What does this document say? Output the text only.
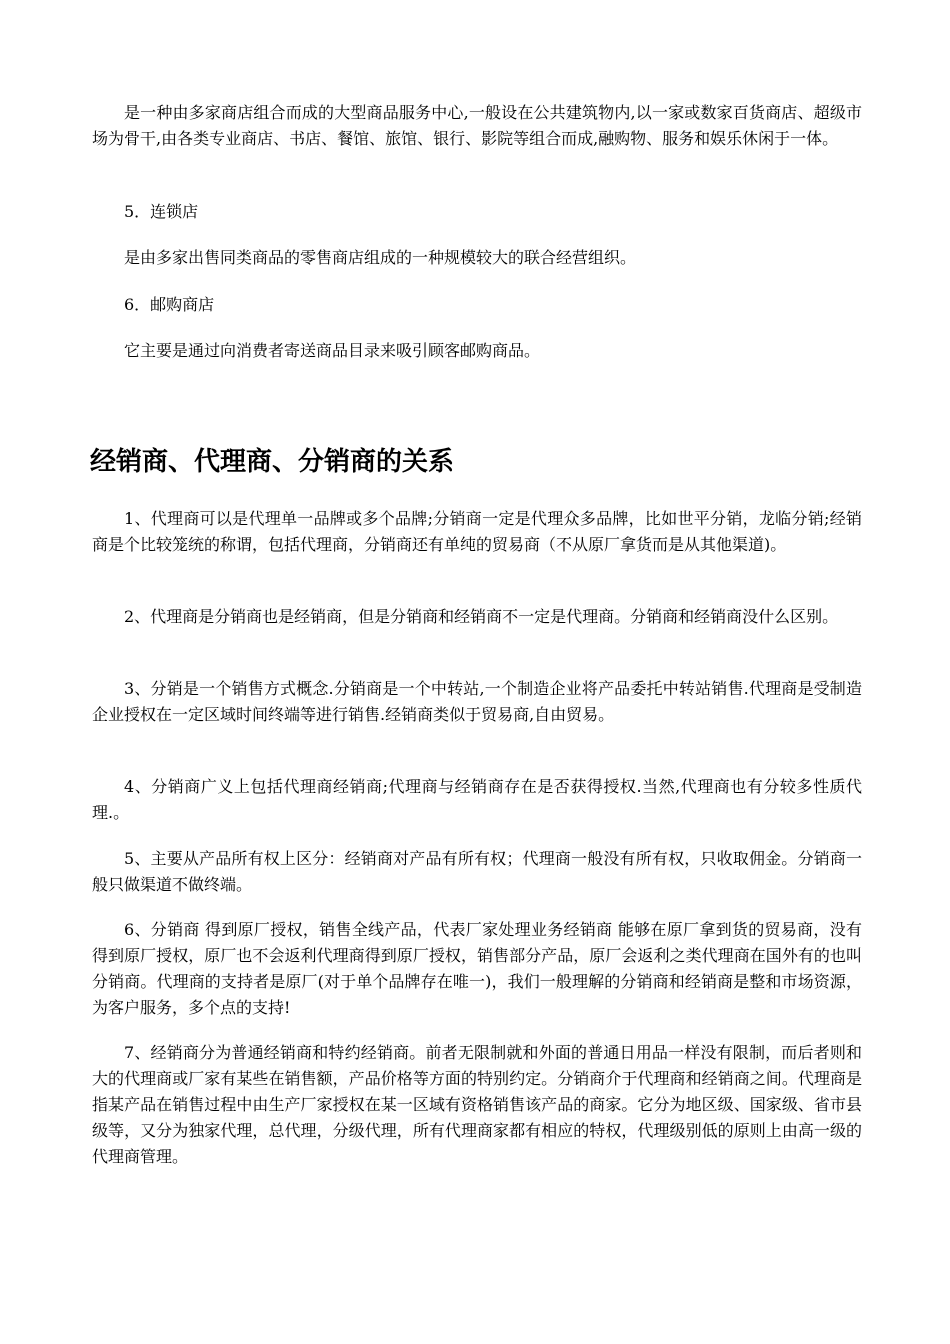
是一种由多家商店组合而成的大型商品服务中心,一般设在公共建筑物内,以一家或数家百货商店、超级市场为骨干,由各类专业商店、书店、餐馆、旅馆、银行、影院等组合而成,融购物、服务和娱乐休闲于一体。

5．连锁店

是由多家出售同类商品的零售商店组成的一种规模较大的联合经营组织。

6．邮购商店

它主要是通过向消费者寄送商品目录来吸引顾客邮购商品。

经销商、代理商、分销商的关系

1、代理商可以是代理单一品牌或多个品牌;分销商一定是代理众多品牌，比如世平分销，龙临分销;经销商是个比较笼统的称谓，包括代理商，分销商还有单纯的贸易商（不从原厂拿货而是从其他渠道)。

2、代理商是分销商也是经销商，但是分销商和经销商不一定是代理商。分销商和经销商没什么区别。

3、分销是一个销售方式概念.分销商是一个中转站,一个制造企业将产品委托中转站销售.代理商是受制造企业授权在一定区域时间终端等进行销售.经销商类似于贸易商,自由贸易。

4、分销商广义上包括代理商经销商;代理商与经销商存在是否获得授权.当然,代理商也有分较多性质代理.。

5、主要从产品所有权上区分：经销商对产品有所有权；代理商一般没有所有权，只收取佣金。分销商一般只做渠道不做终端。

6、分销商 得到原厂授权，销售全线产品，代表厂家处理业务经销商 能够在原厂拿到货的贸易商，没有得到原厂授权，原厂也不会返利代理商得到原厂授权，销售部分产品，原厂会返利之类代理商在国外有的也叫分销商。代理商的支持者是原厂(对于单个品牌存在唯一)，我们一般理解的分销商和经销商是整和市场资源，为客户服务，多个点的支持!

7、经销商分为普通经销商和特约经销商。前者无限制就和外面的普通日用品一样没有限制，而后者则和大的代理商或厂家有某些在销售额，产品价格等方面的特别约定。分销商介于代理商和经销商之间。代理商是指某产品在销售过程中由生产厂家授权在某一区域有资格销售该产品的商家。它分为地区级、国家级、省市县级等，又分为独家代理，总代理，分级代理，所有代理商家都有相应的特权，代理级别低的原则上由高一级的代理商管理。
